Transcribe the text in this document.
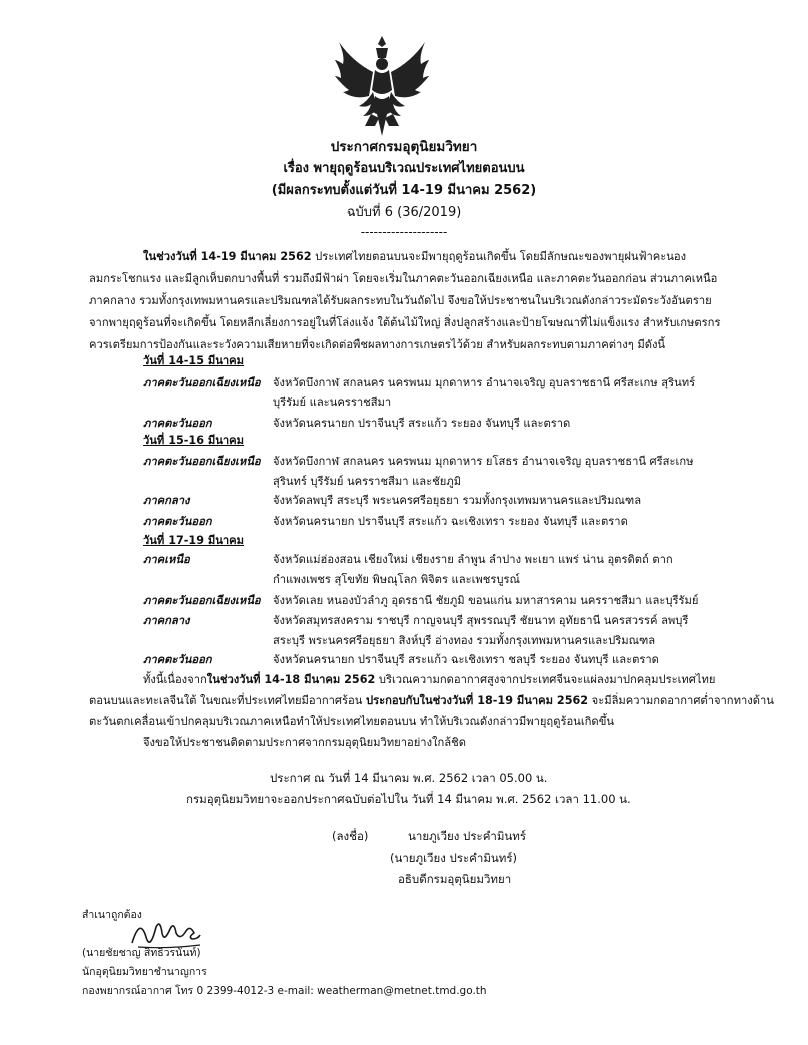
ประกาศกรมอุตุนิยมวิทยา
เรื่อง พายุฤดูร้อนบริเวณประเทศไทยตอนบน
(มีผลกระทบตั้งแต่วันที่ 14-19 มีนาคม 2562)
ฉบับที่ 6 (36/2019)
--------------------
ในช่วงวันที่ 14-19 มีนาคม 2562 ประเทศไทยตอนบนจะมีพายุฤดูร้อนเกิดขึ้น โดยมีลักษณะของพายุฝนฟ้าคะนอง
ลมกระโชกแรง และมีลูกเห็บตกบางพื้นที่ รวมถึงมีฟ้าผ่า โดยจะเริ่มในภาคตะวันออกเฉียงเหนือ และภาคตะวันออกก่อน ส่วนภาคเหนือ
ภาคกลาง รวมทั้งกรุงเทพมหานครและปริมณฑลได้รับผลกระทบในวันถัดไป จึงขอให้ประชาชนในบริเวณดังกล่าวระมัดระวังอันตราย
จากพายุฤดูร้อนที่จะเกิดขึ้น โดยหลีกเลี่ยงการอยู่ในที่โล่งแจ้ง ใต้ต้นไม้ใหญ่ สิ่งปลูกสร้างและป้ายโฆษณาที่ไม่แข็งแรง สำหรับเกษตรกร
ควรเตรียมการป้องกันและระวังความเสียหายที่จะเกิดต่อพืชผลทางการเกษตรไว้ด้วย สำหรับผลกระทบตามภาคต่างๆ มีดังนี้
วันที่ 14-15 มีนาคม
ภาคตะวันออกเฉียงเหนือ	จังหวัดบึงกาฬ สกลนคร นครพนม มุกดาหาร อำนาจเจริญ อุบลราชธานี ศรีสะเกษ สุรินทร์
บุรีรัมย์ และนครราชสีมา
ภาคตะวันออก	จังหวัดนครนายก ปราจีนบุรี สระแก้ว ระยอง จันทบุรี และตราด
วันที่ 15-16 มีนาคม
ภาคตะวันออกเฉียงเหนือ	จังหวัดบึงกาฬ สกลนคร นครพนม มุกดาหาร ยโสธร อำนาจเจริญ อุบลราชธานี ศรีสะเกษ
สุรินทร์ บุรีรัมย์ นครราชสีมา และชัยภูมิ
ภาคกลาง	จังหวัดลพบุรี สระบุรี พระนครศรีอยุธยา รวมทั้งกรุงเทพมหานครและปริมณฑล
ภาคตะวันออก	จังหวัดนครนายก ปราจีนบุรี สระแก้ว ฉะเชิงเทรา ระยอง จันทบุรี และตราด
วันที่ 17-19 มีนาคม
ภาคเหนือ	จังหวัดแม่ฮ่องสอน เชียงใหม่ เชียงราย ลำพูน ลำปาง พะเยา แพร่ น่าน อุตรดิตถ์ ตาก
กำแพงเพชร สุโขทัย พิษณุโลก พิจิตร และเพชรบูรณ์
ภาคตะวันออกเฉียงเหนือ	จังหวัดเลย หนองบัวลำภู อุดรธานี ชัยภูมิ ขอนแก่น มหาสารคาม นครราชสีมา และบุรีรัมย์
ภาคกลาง	จังหวัดสมุทรสงคราม ราชบุรี กาญจนบุรี สุพรรณบุรี ชัยนาท อุทัยธานี นครสวรรค์ ลพบุรี
สระบุรี พระนครศรีอยุธยา สิงห์บุรี อ่างทอง รวมทั้งกรุงเทพมหานครและปริมณฑล
ภาคตะวันออก	จังหวัดนครนายก ปราจีนบุรี สระแก้ว ฉะเชิงเทรา ชลบุรี ระยอง จันทบุรี และตราด
ทั้งนี้เนื่องจากในช่วงวันที่ 14-18 มีนาคม 2562 บริเวณความกดอากาศสูงจากประเทศจีนจะแผ่ลงมาปกคลุมประเทศไทย
ตอนบนและทะเลจีนใต้ ในขณะที่ประเทศไทยมีอากาศร้อน ประกอบกับในช่วงวันที่ 18-19 มีนาคม 2562 จะมีลิ่มความกดอากาศต่ำจากทางด้าน
ตะวันตกเคลื่อนเข้าปกคลุมบริเวณภาคเหนือทำให้ประเทศไทยตอนบน ทำให้บริเวณดังกล่าวมีพายุฤดูร้อนเกิดขึ้น
จึงขอให้ประชาชนติดตามประกาศจากกรมอุตุนิยมวิทยาอย่างใกล้ชิด
ประกาศ ณ วันที่ 14 มีนาคม พ.ศ. 2562 เวลา 05.00 น.
กรมอุตุนิยมวิทยาจะออกประกาศฉบับต่อไปใน วันที่ 14 มีนาคม พ.ศ. 2562 เวลา 11.00 น.
(ลงชื่อ)	นายภูเวียง ประคำมินทร์
(นายภูเวียง ประคำมินทร์)
อธิบดีกรมอุตุนิยมวิทยา
สำเนาถูกต้อง
(นายชัยชาญ สิทธิวรนันท์)
นักอุตุนิยมวิทยาชำนาญการ
กองพยากรณ์อากาศ โทร 0 2399-4012-3 e-mail: weatherman@metnet.tmd.go.th
